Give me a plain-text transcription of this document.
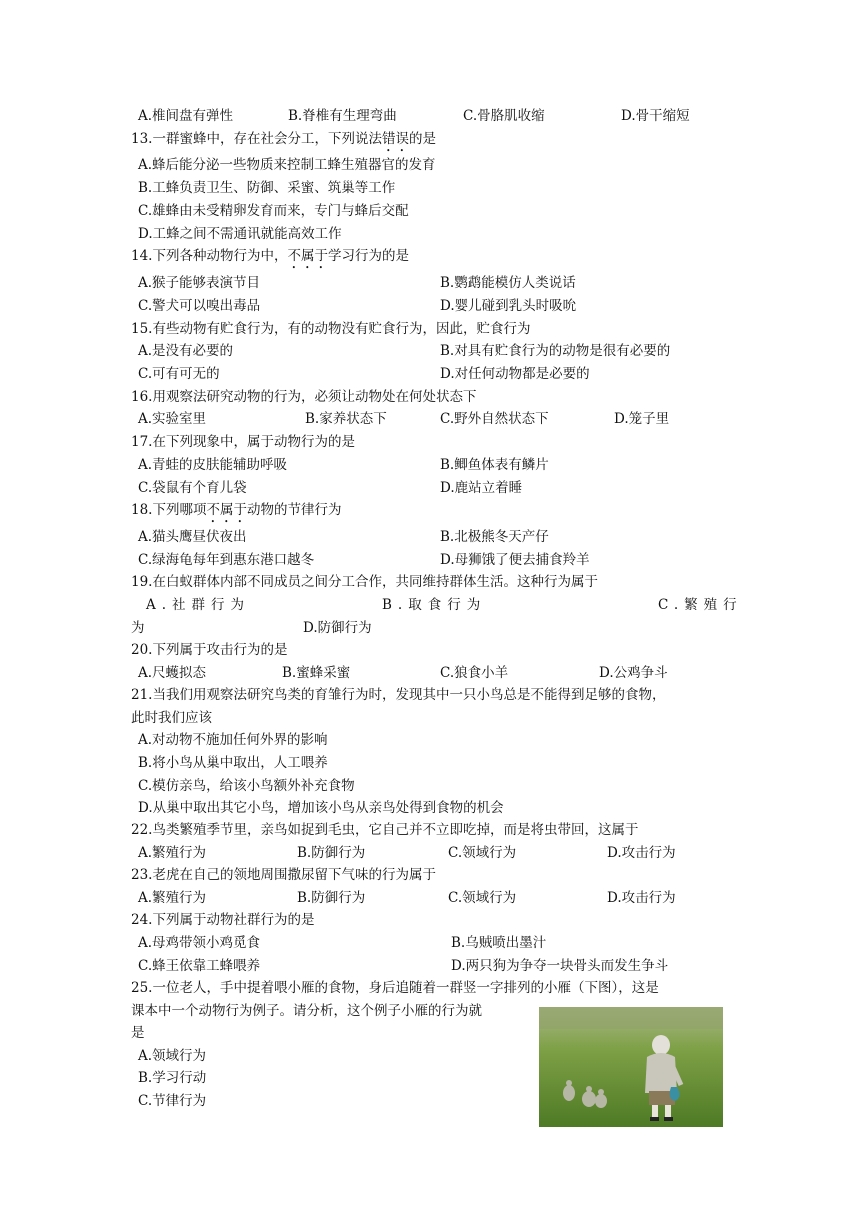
A.椎间盘有弹性	B.脊椎有生理弯曲	C.骨胳肌收缩	D.骨干缩短
13.一群蜜蜂中，存在社会分工，下列说法错误的是
A.蜂后能分泌一些物质来控制工蜂生殖器官的发育
B.工蜂负责卫生、防御、采蜜、筑巢等工作
C.雄蜂由未受精卵发育而来，专门与蜂后交配
D.工蜂之间不需通讯就能高效工作
14.下列各种动物行为中，不属于学习行为的是
A.猴子能够表演节目	B.鹦鹉能模仿人类说话
C.警犬可以嗅出毒品	D.婴儿碰到乳头时吸吮
15.有些动物有贮食行为，有的动物没有贮食行为，因此，贮食行为
A.是没有必要的	B.对具有贮食行为的动物是很有必要的
C.可有可无的	D.对任何动物都是必要的
16.用观察法研究动物的行为，必须让动物处在何处状态下
A.实验室里	B.家养状态下	C.野外自然状态下	D.笼子里
17.在下列现象中，属于动物行为的是
A.青蛙的皮肤能辅助呼吸	B.鲫鱼体表有鳞片
C.袋鼠有个育儿袋	D.鹿站立着睡
18.下列哪项不属于动物的节律行为
A.猫头鹰昼伏夜出	B.北极熊冬天产仔
C.绿海龟每年到惠东港口越冬	D.母狮饿了便去捕食羚羊
19.在白蚁群体内部不同成员之间分工合作，共同维持群体生活。这种行为属于
A.社群行为	B.取食行为	C.繁殖行
为	D.防御行为
20.下列属于攻击行为的是
A.尺蠖拟态	B.蜜蜂采蜜	C.狼食小羊	D.公鸡争斗
21.当我们用观察法研究鸟类的育雏行为时，发现其中一只小鸟总是不能得到足够的食物，
此时我们应该
A.对动物不施加任何外界的影响
B.将小鸟从巢中取出，人工喂养
C.模仿亲鸟，给该小鸟额外补充食物
D.从巢中取出其它小鸟，增加该小鸟从亲鸟处得到食物的机会
22.鸟类繁殖季节里，亲鸟如捉到毛虫，它自己并不立即吃掉，而是将虫带回，这属于
A.繁殖行为	B.防御行为	C.领域行为	D.攻击行为
23.老虎在自己的领地周围撒尿留下气味的行为属于
A.繁殖行为	B.防御行为	C.领域行为	D.攻击行为
24.下列属于动物社群行为的是
A.母鸡带领小鸡觅食	B.乌贼喷出墨汁
C.蜂王依靠工蜂喂养	D.两只狗为争夺一块骨头而发生争斗
25.一位老人，手中提着喂小雁的食物，身后追随着一群竖一字排列的小雁（下图），这是
课本中一个动物行为例子。请分析，这个例子小雁的行为就
是
A.领域行为
B.学习行动
C.节律行为
